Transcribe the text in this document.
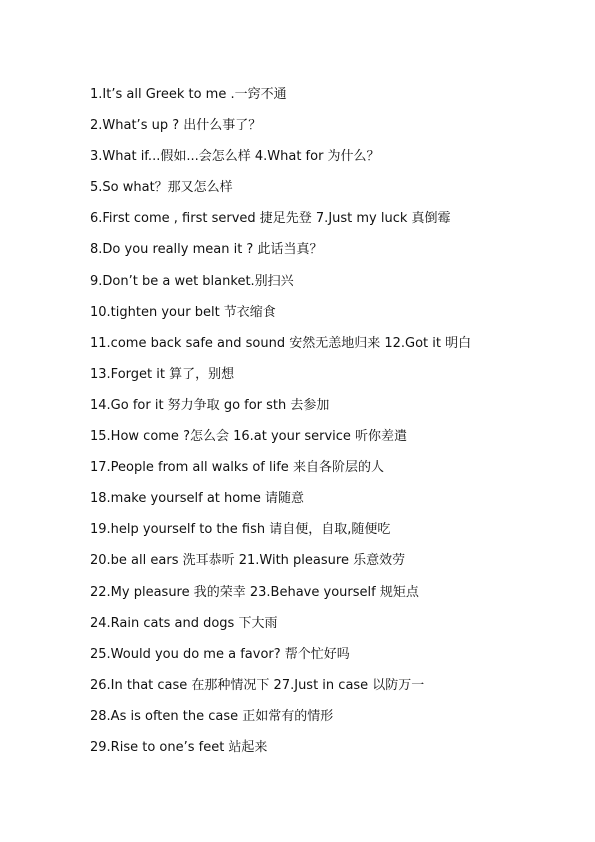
1.It’s all Greek to me .一窍不通
2.What’s up ? 出什么事了？
3.What if...假如...会怎么样 4.What for 为什么？
5.So what？那又怎么样
6.First come , first served 捷足先登 7.Just my luck 真倒霉
8.Do you really mean it ? 此话当真？
9.Don’t be a wet blanket.别扫兴
10.tighten your belt 节衣缩食
11.come back safe and sound 安然无恙地归来 12.Got it 明白
13.Forget it 算了，别想
14.Go for it 努力争取 go for sth 去参加
15.How come ?怎么会 16.at your service 听你差遣
17.People from all walks of life 来自各阶层的人
18.make yourself at home 请随意
19.help yourself to the fish 请自便，自取,随便吃
20.be all ears 洗耳恭听 21.With pleasure 乐意效劳
22.My pleasure 我的荣幸 23.Behave yourself 规矩点
24.Rain cats and dogs 下大雨
25.Would you do me a favor? 帮个忙好吗
26.In that case 在那种情况下 27.Just in case 以防万一
28.As is often the case 正如常有的情形
29.Rise to one’s feet 站起来
